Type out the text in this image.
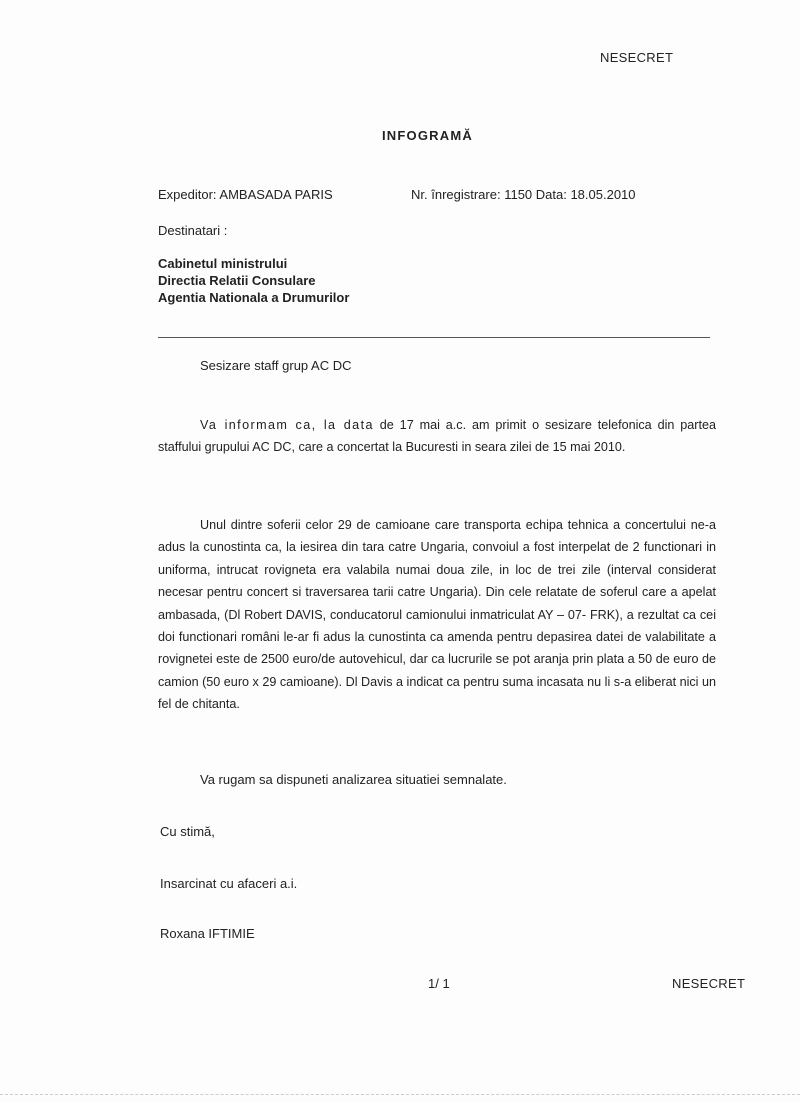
NESECRET
INFOGRAMĂ
Expeditor: AMBASADA PARIS	Nr. înregistrare: 1150 Data: 18.05.2010
Destinatari :
Cabinetul ministrului
Directia Relatii Consulare
Agentia Nationala a Drumurilor
Sesizare staff grup AC DC
Va informam ca, la data de 17 mai a.c. am primit o sesizare telefonica din partea staffului grupului AC DC, care a concertat la Bucuresti in seara zilei de 15 mai 2010.
Unul dintre soferii celor 29 de camioane care transporta echipa tehnica a concertului ne-a adus la cunostinta ca, la iesirea din tara catre Ungaria, convoiul a fost interpelat de 2 functionari in uniforma, intrucat rovigneta era valabila numai doua zile, in loc de trei zile (interval considerat necesar pentru concert si traversarea tarii catre Ungaria). Din cele relatate de soferul care a apelat ambasada, (Dl Robert DAVIS, conducatorul camionului inmatriculat AY – 07- FRK), a rezultat ca cei doi functionari români le-ar fi adus la cunostinta ca amenda pentru depasirea datei de valabilitate a rovignetei este de 2500 euro/de autovehicul, dar ca lucrurile se pot aranja prin plata a 50 de euro de camion (50 euro x 29 camioane). Dl Davis a indicat ca pentru suma incasata nu li s-a eliberat nici un fel de chitanta.
Va rugam sa dispuneti analizarea situatiei semnalate.
Cu stimă,
Insarcinat cu afaceri a.i.
Roxana IFTIMIE
1/ 1	NESECRET
